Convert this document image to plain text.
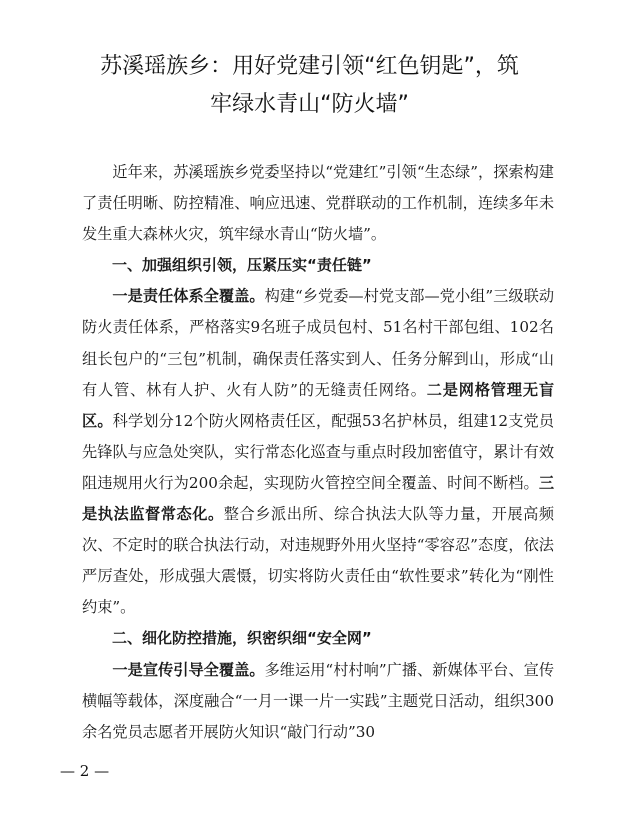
苏溪瑶族乡：用好党建引领“红色钥匙”，筑
牢绿水青山“防火墙”

近年来，苏溪瑶族乡党委坚持以“党建红”引领“生态绿”，探索构建了责任明晰、防控精准、响应迅速、党群联动的工作机制，连续多年未发生重大森林火灾，筑牢绿水青山“防火墙”。

一、加强组织引领，压紧压实“责任链”

一是责任体系全覆盖。构建“乡党委—村党支部—党小组”三级联动防火责任体系，严格落实9名班子成员包村、51名村干部包组、102名组长包户的“三包”机制，确保责任落实到人、任务分解到山，形成“山有人管、林有人护、火有人防”的无缝责任网络。二是网格管理无盲区。科学划分12个防火网格责任区，配强53名护林员，组建12支党员先锋队与应急处突队，实行常态化巡查与重点时段加密值守，累计有效阻违规用火行为200余起，实现防火管控空间全覆盖、时间不断档。三是执法监督常态化。整合乡派出所、综合执法大队等力量，开展高频次、不定时的联合执法行动，对违规野外用火坚持“零容忍”态度，依法严厉查处，形成强大震慑，切实将防火责任由“软性要求”转化为“刚性约束”。

二、细化防控措施，织密织细“安全网”

一是宣传引导全覆盖。多维运用“村村响”广播、新媒体平台、宣传横幅等载体，深度融合“一月一课一片一实践”主题党日活动，组织300余名党员志愿者开展防火知识“敲门行动”30

— 2 —
